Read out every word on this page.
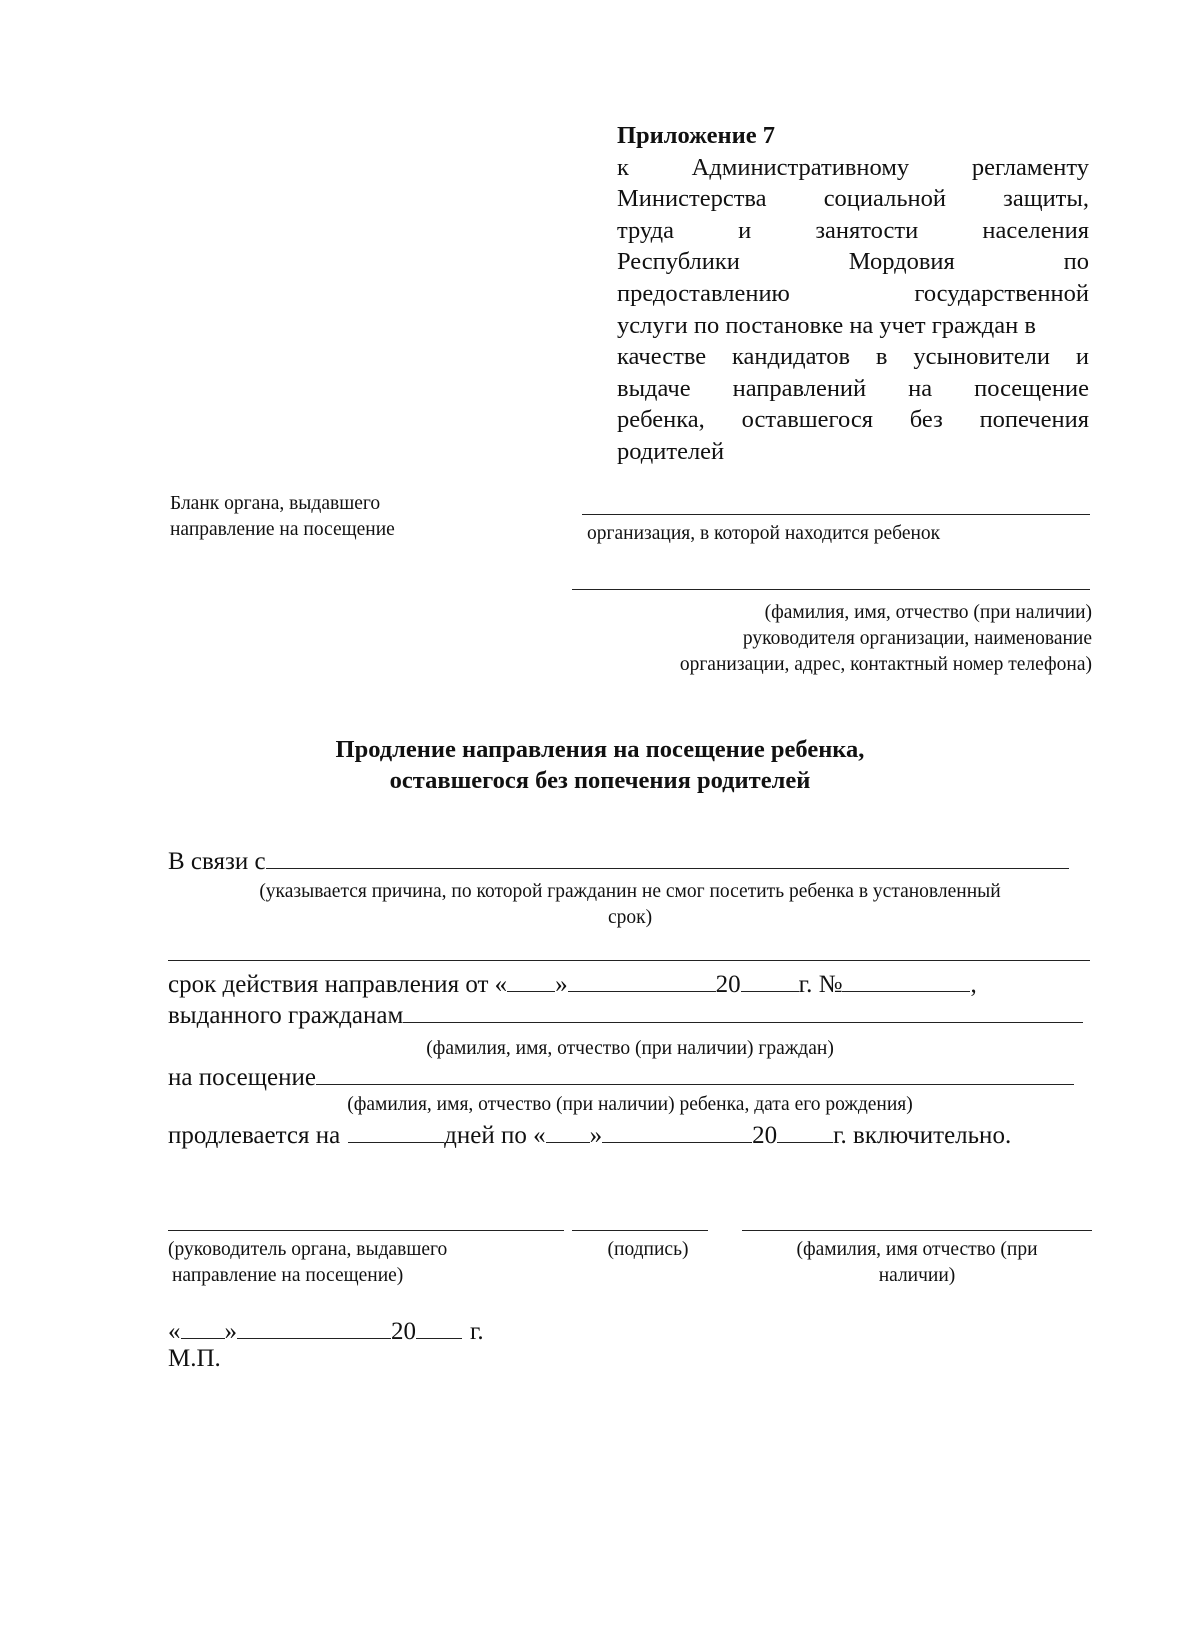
Приложение 7
к	Административному	регламенту
Министерства социальной защиты,
труда	и	занятости	населения
Республики	Мордовия	по
предоставлению	государственной
услуги по постановке на учет граждан в
качестве кандидатов в усыновители и
выдаче направлений на посещение
ребенка, оставшегося без попечения
родителей
Бланк органа, выдавшего
направление на посещение	организация, в которой находится ребенок
(фамилия, имя, отчество (при наличии)
руководителя организации, наименование
организации, адрес, контактный номер телефона)
Продление направления на посещение ребенка,
оставшегося без попечения родителей
В связи с
(указывается причина, по которой гражданин не смог посетить ребенка в установленный
срок)
срок действия направления от « »	20 г. №	,
выданного гражданам
(фамилия, имя, отчество (при наличии) граждан)
на посещение
(фамилия, имя, отчество (при наличии) ребенка, дата его рождения)
продлевается на	дней по « »	20 г. включительно.
(руководитель органа, выдавшего
направление на посещение)
(подпись)	(фамилия, имя отчество (при
наличии)
« »	20 г.
М.П.
